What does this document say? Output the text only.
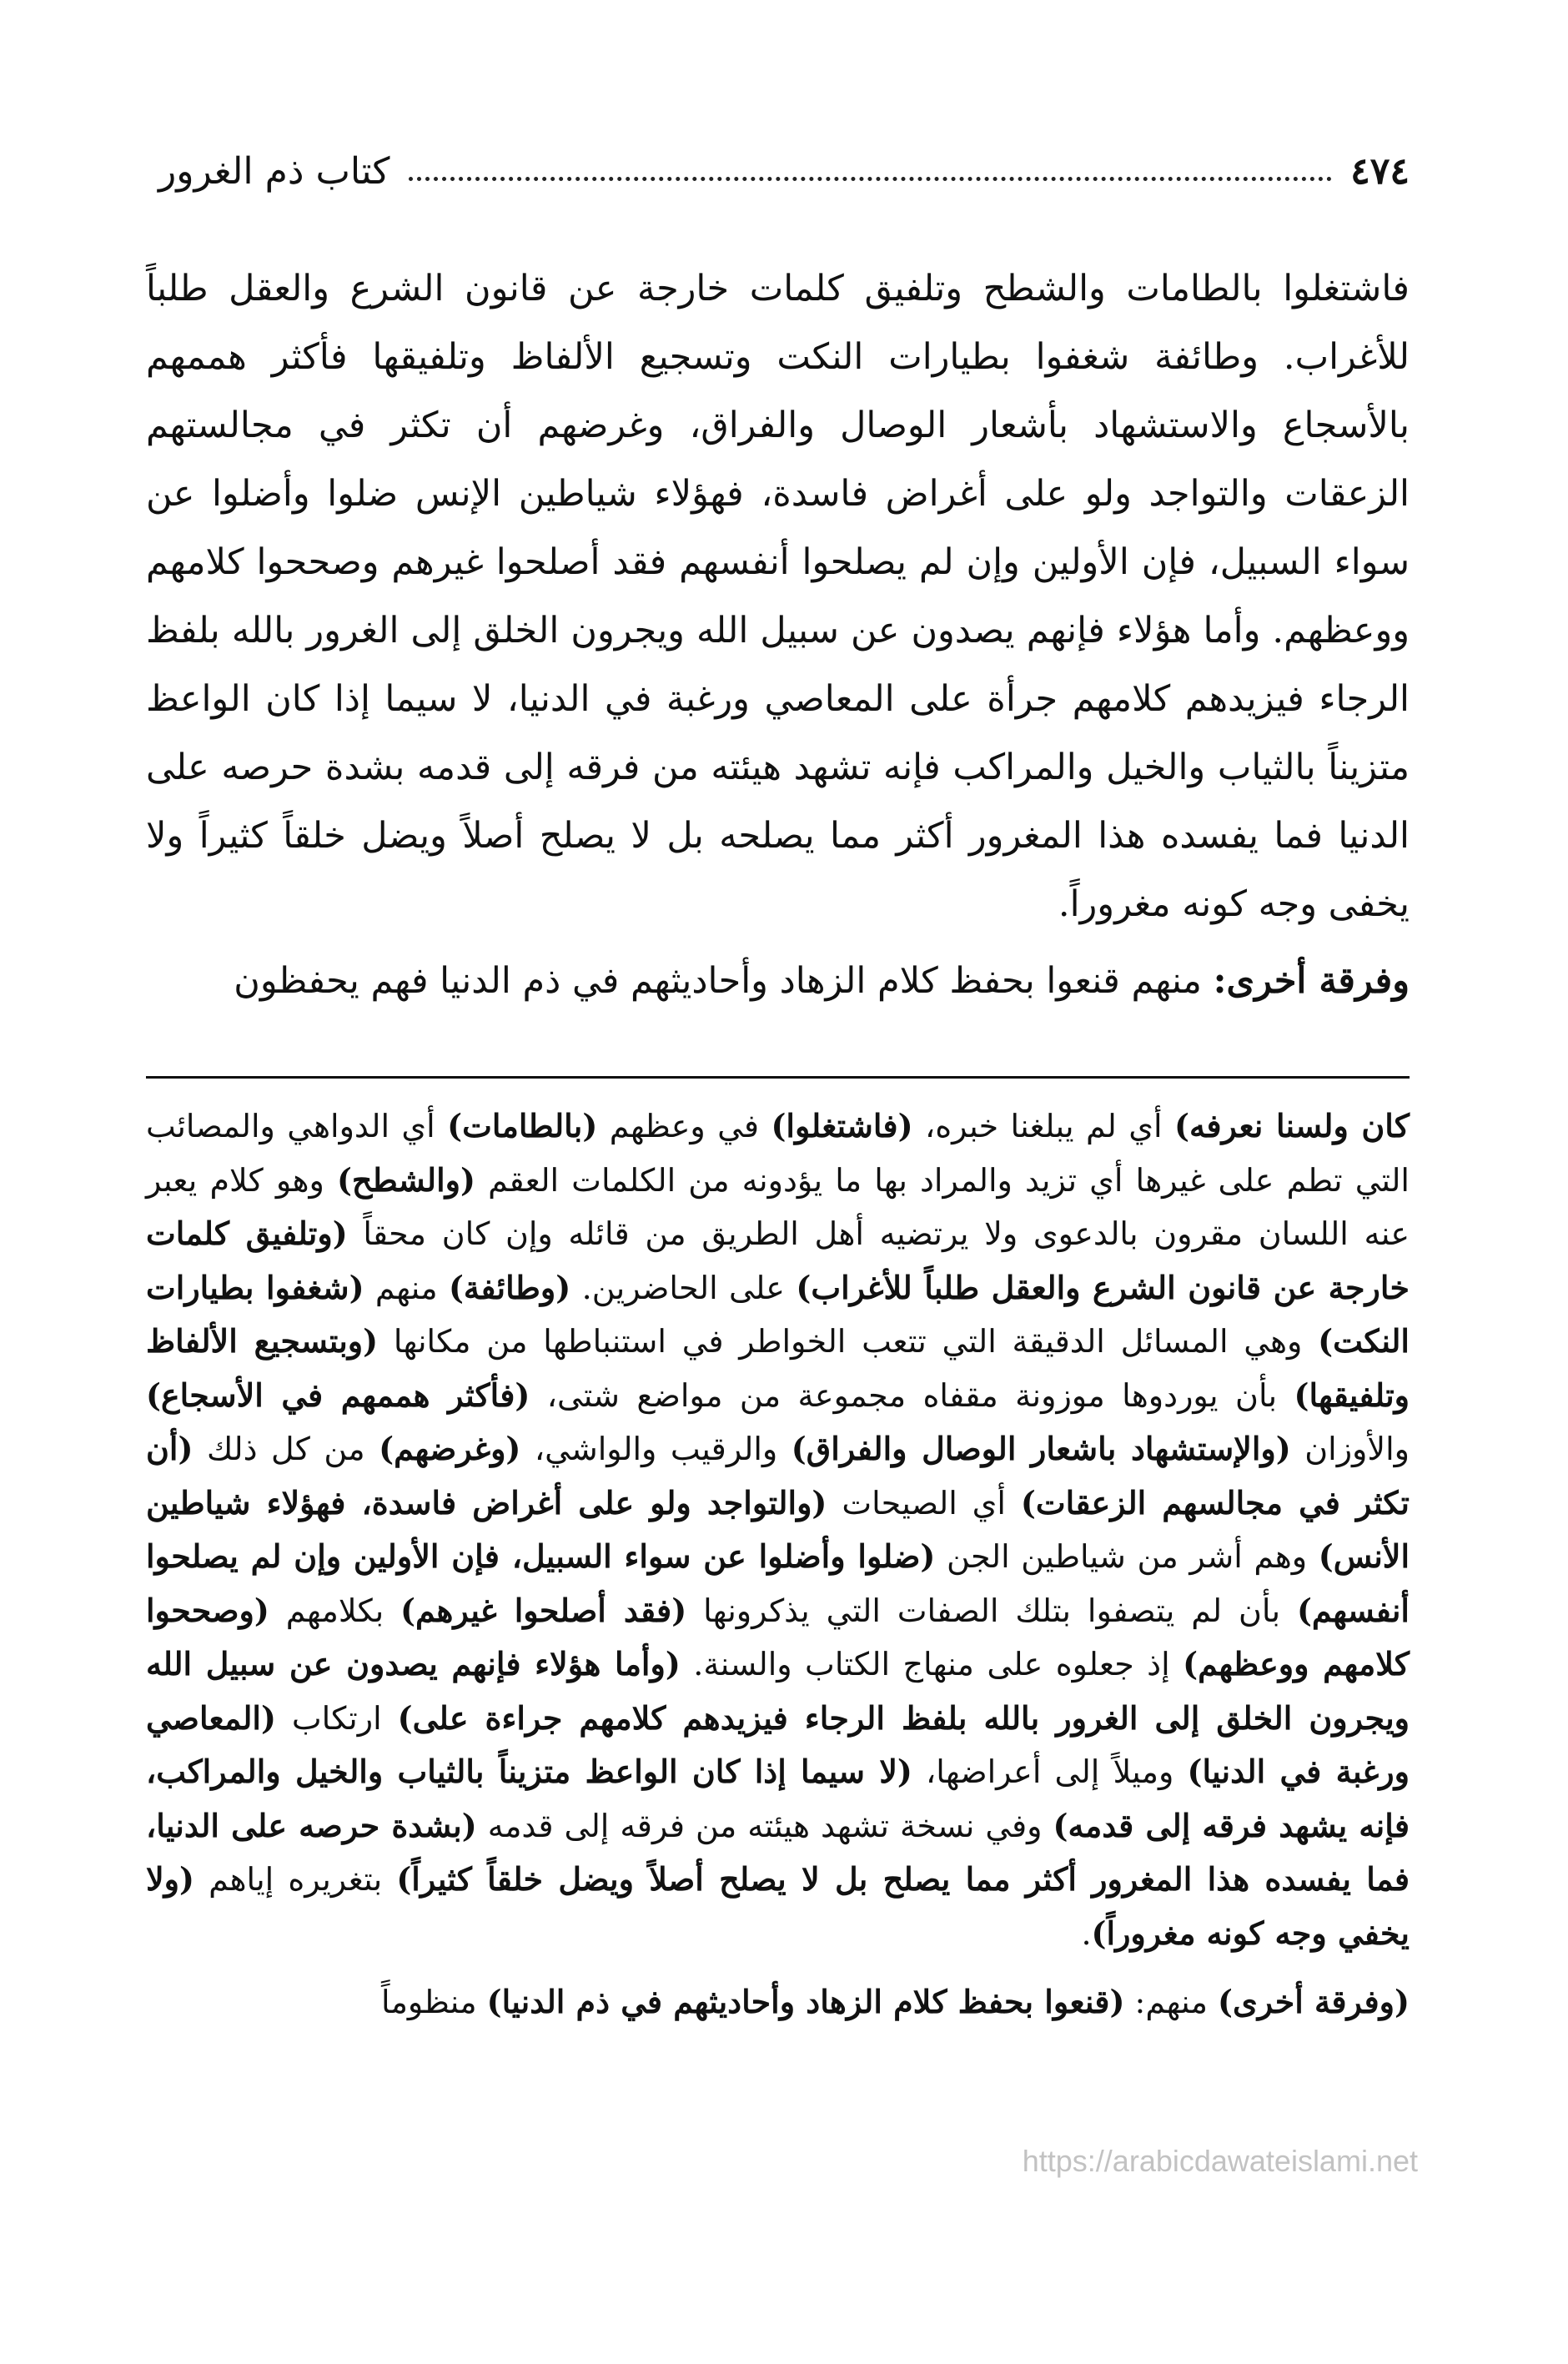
٤٧٤
كتاب ذم الغرور

فاشتغلوا بالطامات والشطح وتلفيق كلمات خارجة عن قانون الشرع والعقل طلباً للأغراب. وطائفة شغفوا بطيارات النكت وتسجيع الألفاظ وتلفيقها فأكثر هممهم بالأسجاع والاستشهاد بأشعار الوصال والفراق، وغرضهم أن تكثر في مجالستهم الزعقات والتواجد ولو على أغراض فاسدة، فهؤلاء شياطين الإنس ضلوا وأضلوا عن سواء السبيل، فإن الأولين وإن لم يصلحوا أنفسهم فقد أصلحوا غيرهم وصححوا كلامهم ووعظهم. وأما هؤلاء فإنهم يصدون عن سبيل الله ويجرون الخلق إلى الغرور بالله بلفظ الرجاء فيزيدهم كلامهم جرأة على المعاصي ورغبة في الدنيا، لا سيما إذا كان الواعظ متزيناً بالثياب والخيل والمراكب فإنه تشهد هيئته من فرقه إلى قدمه بشدة حرصه على الدنيا فما يفسده هذا المغرور أكثر مما يصلحه بل لا يصلح أصلاً ويضل خلقاً كثيراً ولا يخفى وجه كونه مغروراً.

وفرقة أخرى: منهم قنعوا بحفظ كلام الزهاد وأحاديثهم في ذم الدنيا فهم يحفظون

كان ولسنا نعرفه) أي لم يبلغنا خبره، (فاشتغلوا) في وعظهم (بالطامات) أي الدواهي والمصائب التي تطم على غيرها أي تزيد والمراد بها ما يؤدونه من الكلمات العقم (والشطح) وهو كلام يعبر عنه اللسان مقرون بالدعوى ولا يرتضيه أهل الطريق من قائله وإن كان محقاً (وتلفيق كلمات خارجة عن قانون الشرع والعقل طلباً للأغراب) على الحاضرين. (وطائفة) منهم (شغفوا بطيارات النكت) وهي المسائل الدقيقة التي تتعب الخواطر في استنباطها من مكانها (وبتسجيع الألفاظ وتلفيقها) بأن يوردوها موزونة مقفاه مجموعة من مواضع شتى، (فأكثر هممهم في الأسجاع) والأوزان (والإستشهاد باشعار الوصال والفراق) والرقيب والواشي، (وغرضهم) من كل ذلك (أن تكثر في مجالسهم الزعقات) أي الصيحات (والتواجد ولو على أغراض فاسدة، فهؤلاء شياطين الأنس) وهم أشر من شياطين الجن (ضلوا وأضلوا عن سواء السبيل، فإن الأولين وإن لم يصلحوا أنفسهم) بأن لم يتصفوا بتلك الصفات التي يذكرونها (فقد أصلحوا غيرهم) بكلامهم (وصححوا كلامهم ووعظهم) إذ جعلوه على منهاج الكتاب والسنة. (وأما هؤلاء فإنهم يصدون عن سبيل الله ويجرون الخلق إلى الغرور بالله بلفظ الرجاء فيزيدهم كلامهم جراءة على) ارتكاب (المعاصي ورغبة في الدنيا) وميلاً إلى أعراضها، (لا سيما إذا كان الواعظ متزيناً بالثياب والخيل والمراكب، فإنه يشهد فرقه إلى قدمه) وفي نسخة تشهد هيئته من فرقه إلى قدمه (بشدة حرصه على الدنيا، فما يفسده هذا المغرور أكثر مما يصلح بل لا يصلح أصلاً ويضل خلقاً كثيراً) بتغريره إياهم (ولا يخفي وجه كونه مغروراً).

(وفرقة أخرى) منهم: (قنعوا بحفظ كلام الزهاد وأحاديثهم في ذم الدنيا) منظوماً

https://arabicdawateislami.net
